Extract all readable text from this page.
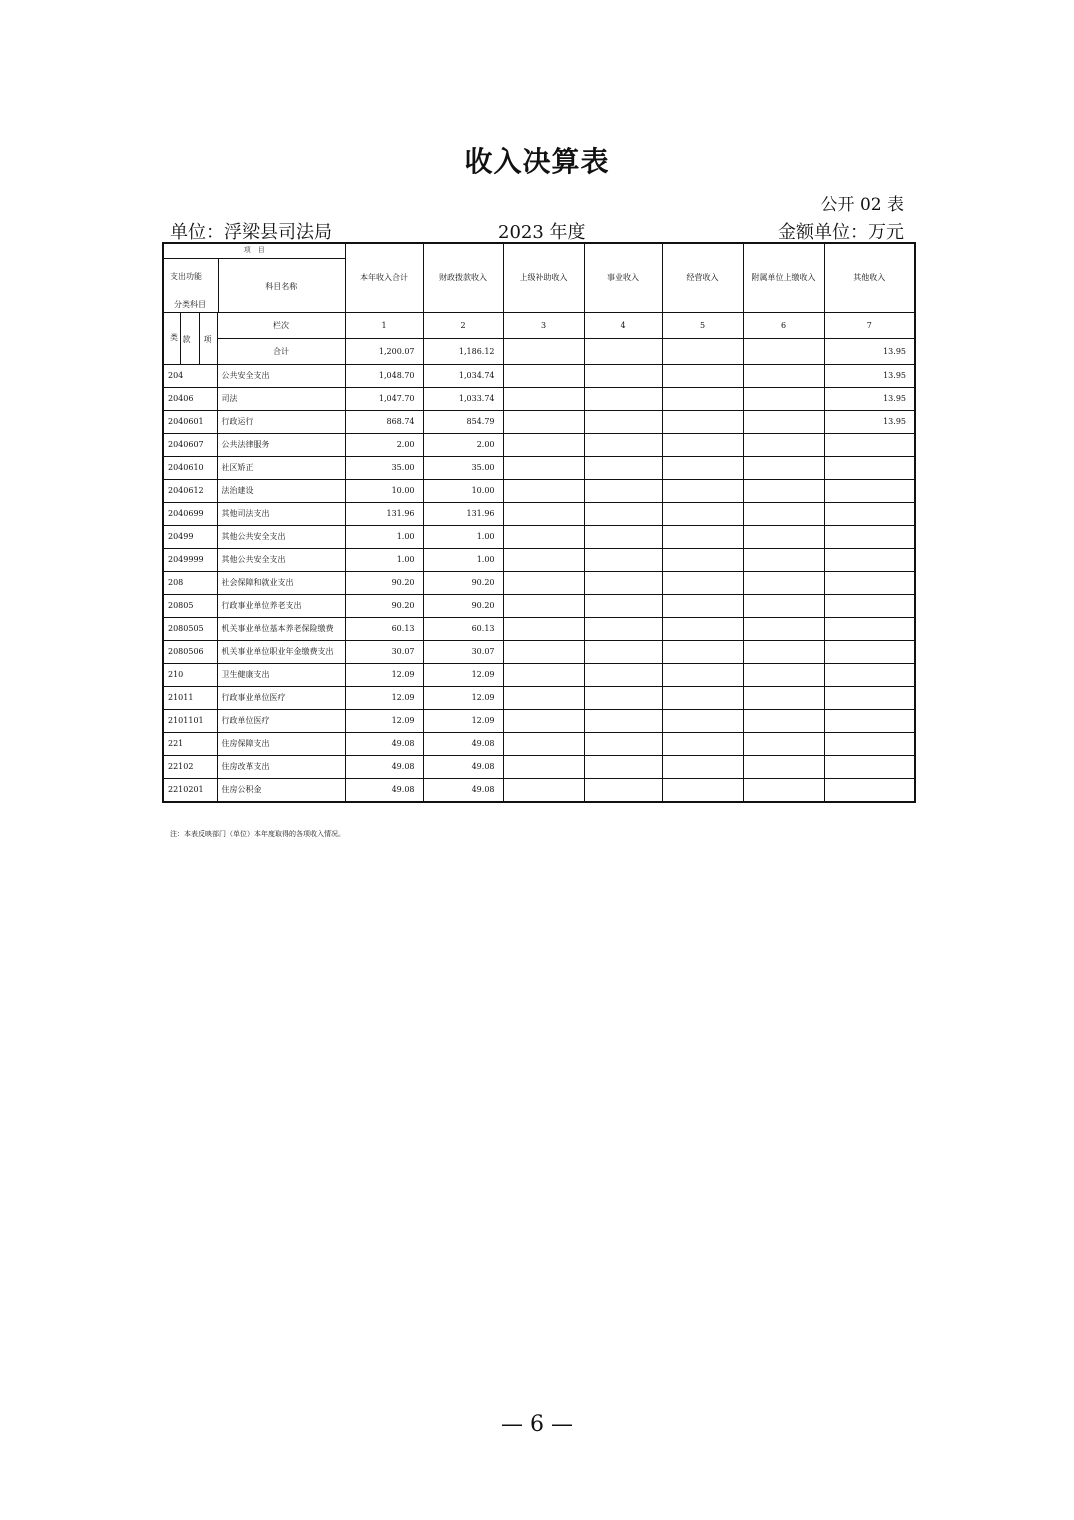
收入决算表
公开 02 表
单位：浮梁县司法局	2023 年度	金额单位：万元
项　目
支出功能
分类科目
科目名称				本年收入合计	财政拨款收入	上级补助收入	事业收入	经营收入	附属单位上缴收入	其他收入

类	款	项	栏次	1	2	3	4	5	6	7
			合计	1,200.07	1,186.12					13.95
204			公共安全支出	1,048.70	1,034.74					13.95
20406			司法	1,047.70	1,033.74					13.95
2040601			行政运行	868.74	854.79					13.95
2040607			公共法律服务	2.00	2.00					
2040610			社区矫正	35.00	35.00					
2040612			法治建设	10.00	10.00					
2040699			其他司法支出	131.96	131.96					
20499			其他公共安全支出	1.00	1.00					
2049999			其他公共安全支出	1.00	1.00					
208			社会保障和就业支出	90.20	90.20					
20805			行政事业单位养老支出	90.20	90.20					
2080505			机关事业单位基本养老保险缴费	60.13	60.13					
2080506			机关事业单位职业年金缴费支出	30.07	30.07					
210			卫生健康支出	12.09	12.09					
21011			行政事业单位医疗	12.09	12.09					
2101101			行政单位医疗	12.09	12.09					
221			住房保障支出	49.08	49.08					
22102			住房改革支出	49.08	49.08					
2210201			住房公积金	49.08	49.08					
注：本表反映部门（单位）本年度取得的各项收入情况。
— 6 —
